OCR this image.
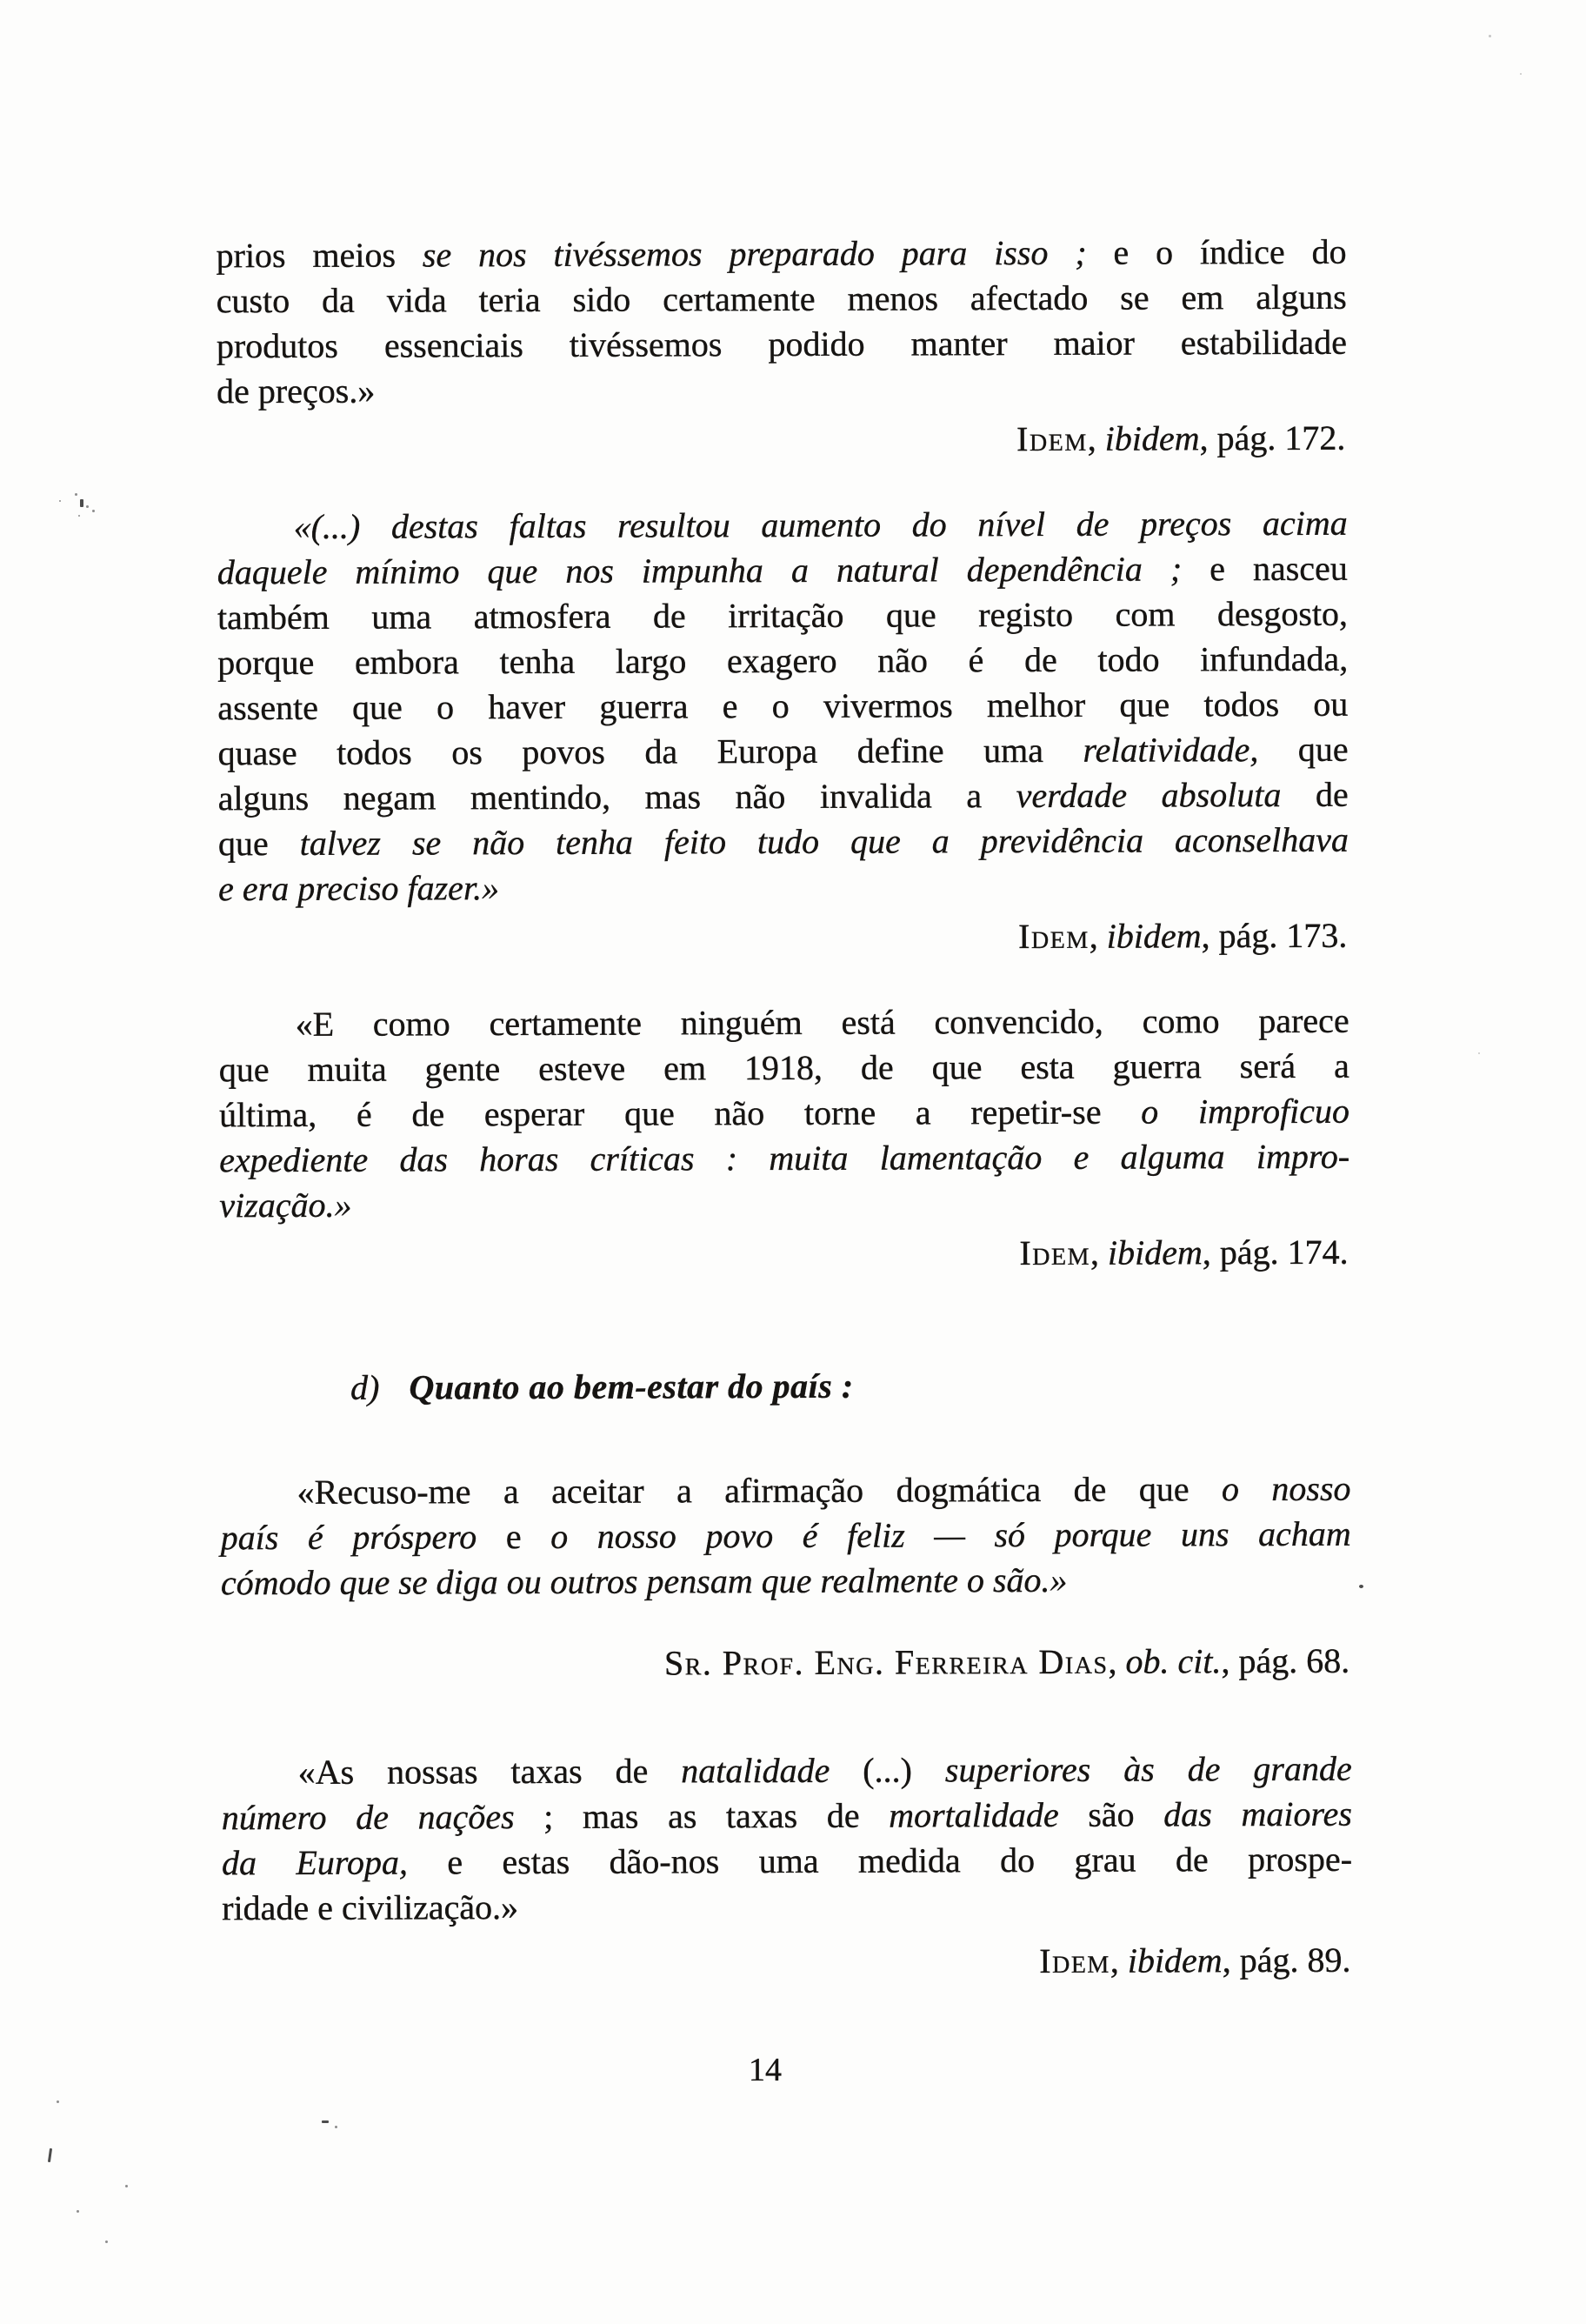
prios meios se nos tivéssemos preparado para isso ; e o índice do
custo da vida teria sido certamente menos afectado se em alguns
produtos essenciais tivéssemos podido manter maior estabilidade
de preços.»
Idem, ibidem, pág. 172.
«(...) destas faltas resultou aumento do nível de preços acima
daquele mínimo que nos impunha a natural dependência ; e nasceu
também uma atmosfera de irritação que registo com desgosto,
porque embora tenha largo exagero não é de todo infundada,
assente que o haver guerra e o vivermos melhor que todos ou
quase todos os povos da Europa define uma relatividade, que
alguns negam mentindo, mas não invalida a verdade absoluta de
que talvez se não tenha feito tudo que a previdência aconselhava
e era preciso fazer.»
Idem, ibidem, pág. 173.
«E como certamente ninguém está convencido, como parece
que muita gente esteve em 1918, de que esta guerra será a
última, é de esperar que não torne a repetir-se o improficuo
expediente das horas críticas : muita lamentação e alguma impro-
vização.»
Idem, ibidem, pág. 174.
d) Quanto ao bem-estar do país :
«Recuso-me a aceitar a afirmação dogmática de que o nosso
país é próspero e o nosso povo é feliz — só porque uns acham
cómodo que se diga ou outros pensam que realmente o são.»
Sr. Prof. Eng. Ferreira Dias, ob. cit., pág. 68.
«As nossas taxas de natalidade (...) superiores às de grande
número de nações ; mas as taxas de mortalidade são das maiores
da Europa, e estas dão-nos uma medida do grau de prospe-
ridade e civilização.»
Idem, ibidem, pág. 89.
14
